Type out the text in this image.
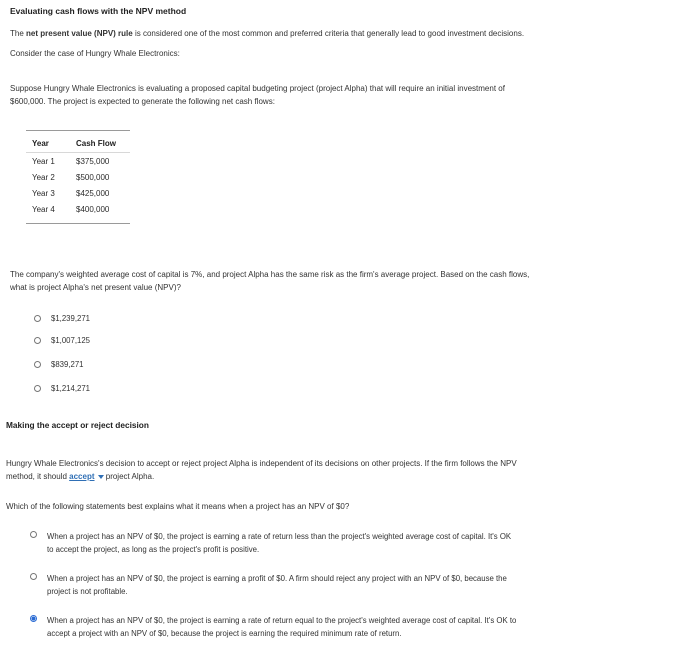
Evaluating cash flows with the NPV method
The net present value (NPV) rule is considered one of the most common and preferred criteria that generally lead to good investment decisions.
Consider the case of Hungry Whale Electronics:
Suppose Hungry Whale Electronics is evaluating a proposed capital budgeting project (project Alpha) that will require an initial investment of
$600,000. The project is expected to generate the following net cash flows:
Year	Cash Flow
Year 1	$375,000
Year 2	$500,000
Year 3	$425,000
Year 4	$400,000
The company's weighted average cost of capital is 7%, and project Alpha has the same risk as the firm's average project. Based on the cash flows,
what is project Alpha's net present value (NPV)?
$1,239,271
$1,007,125
$839,271
$1,214,271
Making the accept or reject decision
Hungry Whale Electronics's decision to accept or reject project Alpha is independent of its decisions on other projects. If the firm follows the NPV
method, it should accept project Alpha.
Which of the following statements best explains what it means when a project has an NPV of $0?
When a project has an NPV of $0, the project is earning a rate of return less than the project's weighted average cost of capital. It's OK
to accept the project, as long as the project's profit is positive.
When a project has an NPV of $0, the project is earning a profit of $0. A firm should reject any project with an NPV of $0, because the
project is not profitable.
When a project has an NPV of $0, the project is earning a rate of return equal to the project's weighted average cost of capital. It's OK to
accept a project with an NPV of $0, because the project is earning the required minimum rate of return.
